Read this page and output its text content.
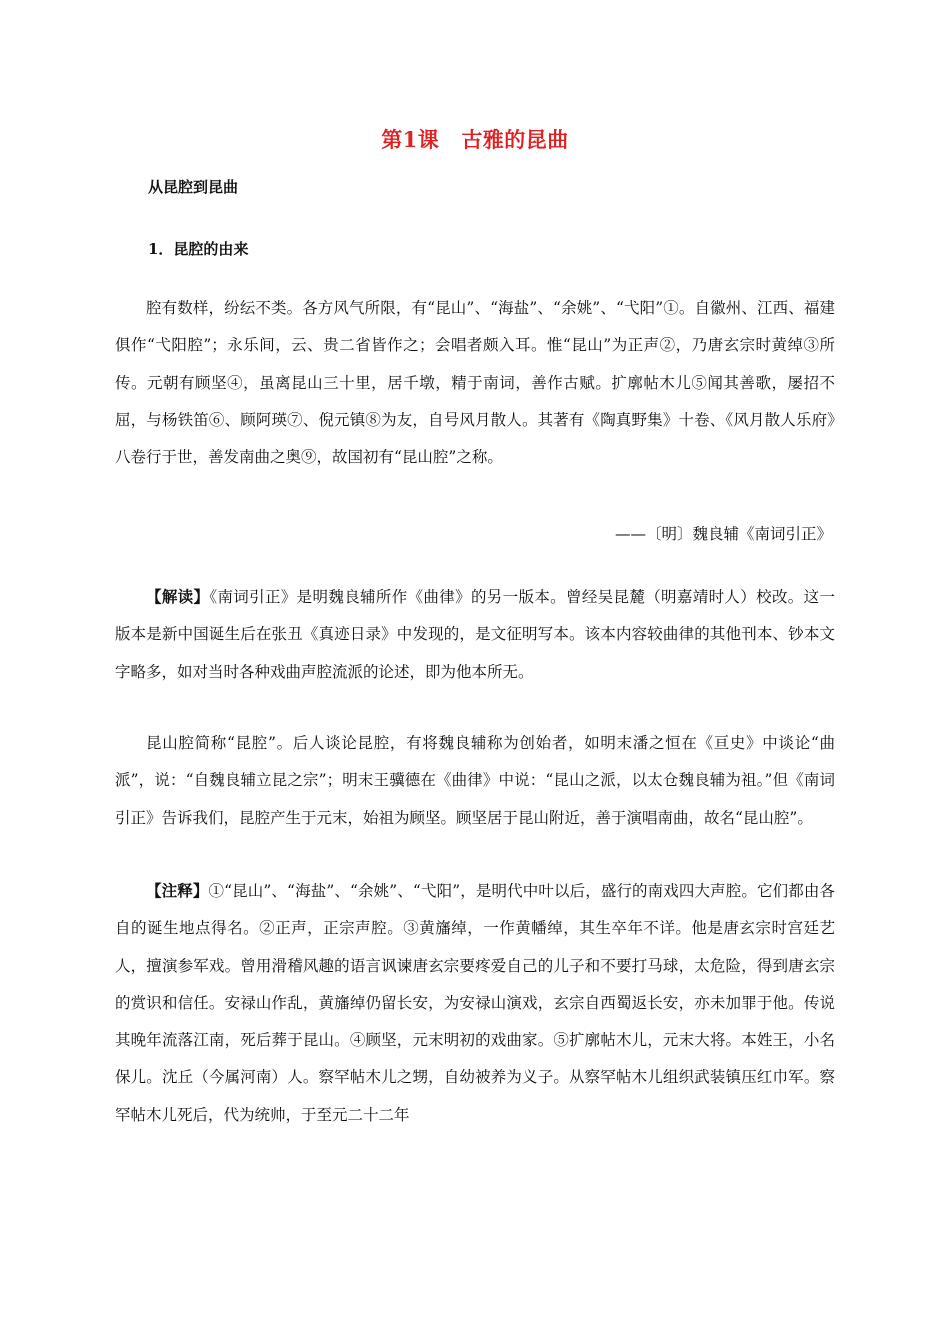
第1课 古雅的昆曲
从昆腔到昆曲
1．昆腔的由来

腔有数样，纷纭不类。各方风气所限，有“昆山”、“海盐”、“余姚”、“弋阳”①。自徽州、江西、福建俱作“弋阳腔”；永乐间，云、贵二省皆作之；会唱者颇入耳。惟“昆山”为正声②，乃唐玄宗时黄绰③所传。元朝有顾坚④，虽离昆山三十里，居千墩，精于南词，善作古赋。扩廓帖木儿⑤闻其善歌，屡招不屈，与杨铁笛⑥、顾阿瑛⑦、倪元镇⑧为友，自号风月散人。其著有《陶真野集》十卷、《风月散人乐府》八卷行于世，善发南曲之奥⑨，故国初有“昆山腔”之称。

——〔明〕魏良辅《南词引正》

【解读】《南词引正》是明魏良辅所作《曲律》的另一版本。曾经吴昆麓（明嘉靖时人）校改。这一版本是新中国诞生后在张丑《真迹日录》中发现的，是文征明写本。该本内容较曲律的其他刊本、钞本文字略多，如对当时各种戏曲声腔流派的论述，即为他本所无。

昆山腔简称“昆腔”。后人谈论昆腔，有将魏良辅称为创始者，如明末潘之恒在《亘史》中谈论“曲派”，说：“自魏良辅立昆之宗”；明末王骥德在《曲律》中说：“昆山之派，以太仓魏良辅为祖。”但《南词引正》告诉我们，昆腔产生于元末，始祖为顾坚。顾坚居于昆山附近，善于演唱南曲，故名“昆山腔”。

【注释】①“昆山”、“海盐”、“余姚”、“弋阳”，是明代中叶以后，盛行的南戏四大声腔。它们都由各自的诞生地点得名。②正声，正宗声腔。③黄旛绰，一作黄幡绰，其生卒年不详。他是唐玄宗时宫廷艺人，擅演参军戏。曾用滑稽风趣的语言讽谏唐玄宗要疼爱自己的儿子和不要打马球，太危险，得到唐玄宗的赏识和信任。安禄山作乱，黄旛绰仍留长安，为安禄山演戏，玄宗自西蜀返长安，亦未加罪于他。传说其晚年流落江南，死后葬于昆山。④顾坚，元末明初的戏曲家。⑤扩廓帖木儿，元末大将。本姓王，小名保儿。沈丘（今属河南）人。察罕帖木儿之甥，自幼被养为义子。从察罕帖木儿组织武装镇压红巾军。察罕帖木儿死后，代为统帅，于至元二十二年
